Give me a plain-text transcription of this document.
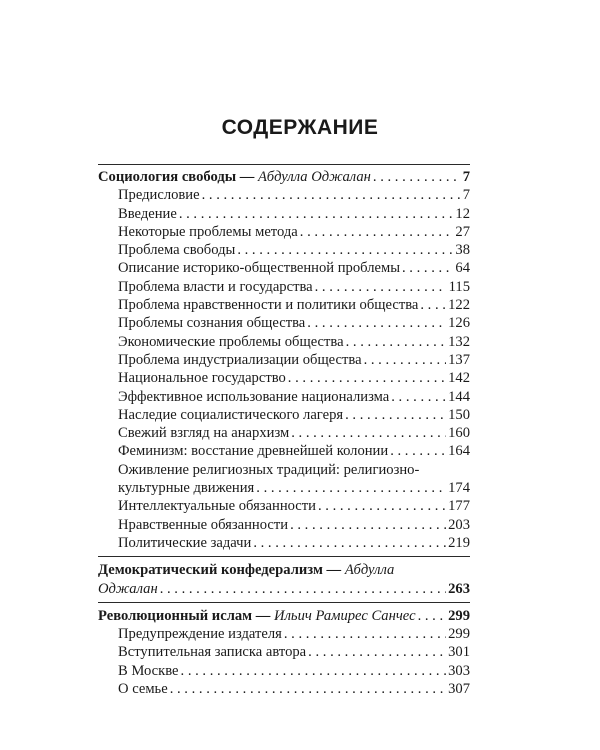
СОДЕРЖАНИЕ
Социология свободы — Абдулла Оджалан . . .	7
Предисловие . . .	7
Введение . . .	12
Некоторые проблемы метода . . .	27
Проблема свободы . . .	38
Описание историко-общественной проблемы . . .	64
Проблема власти и государства . . .	115
Проблема нравственности и политики общества . . . 122
Проблемы сознания общества . . .	126
Экономические проблемы общества . . .	132
Проблема индустриализации общества . . .	137
Национальное государство . . .	142
Эффективное использование национализма . . .	144
Наследие социалистического лагеря . . .	150
Свежий взгляд на анархизм . . .	160
Феминизм: восстание древнейшей колонии . . .	164
Оживление религиозных традиций: религиозно-
культурные движения . . .	174
Интеллектуальные обязанности . . .	177
Нравственные обязанности . . .	203
Политические задачи . . .	219
Демократический конфедерализм — Абдулла
Оджалан . . .	263
Революционный ислам — Ильич Рамирес Санчес . . . 299
Предупреждение издателя . . .	299
Вступительная записка автора . . .	301
В Москве . . .	303
О семье . . .	307
